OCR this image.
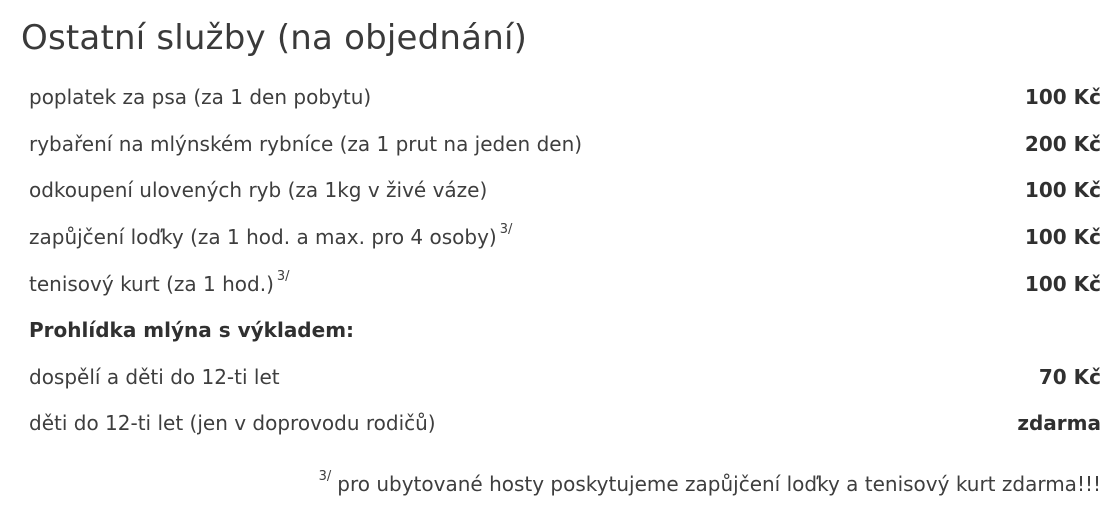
Ostatní služby (na objednání)
poplatek za psa (za 1 den pobytu)	100 Kč
rybaření na mlýnském rybníce (za 1 prut na jeden den)	200 Kč
odkoupení ulovených ryb (za 1kg v živé váze)	100 Kč
zapůjčení loďky (za 1 hod. a max. pro 4 osoby) $^{3/}$	100 Kč
tenisový kurt (za 1 hod.) $^{3/}$	100 Kč
Prohlídka mlýna s výkladem:
dospělí a děti do 12-ti let	70 Kč
děti do 12-ti let (jen v doprovodu rodičů)	zdarma
$^{3/}$ pro ubytované hosty poskytujeme zapůjčení loďky a tenisový kurt zdarma!!!
